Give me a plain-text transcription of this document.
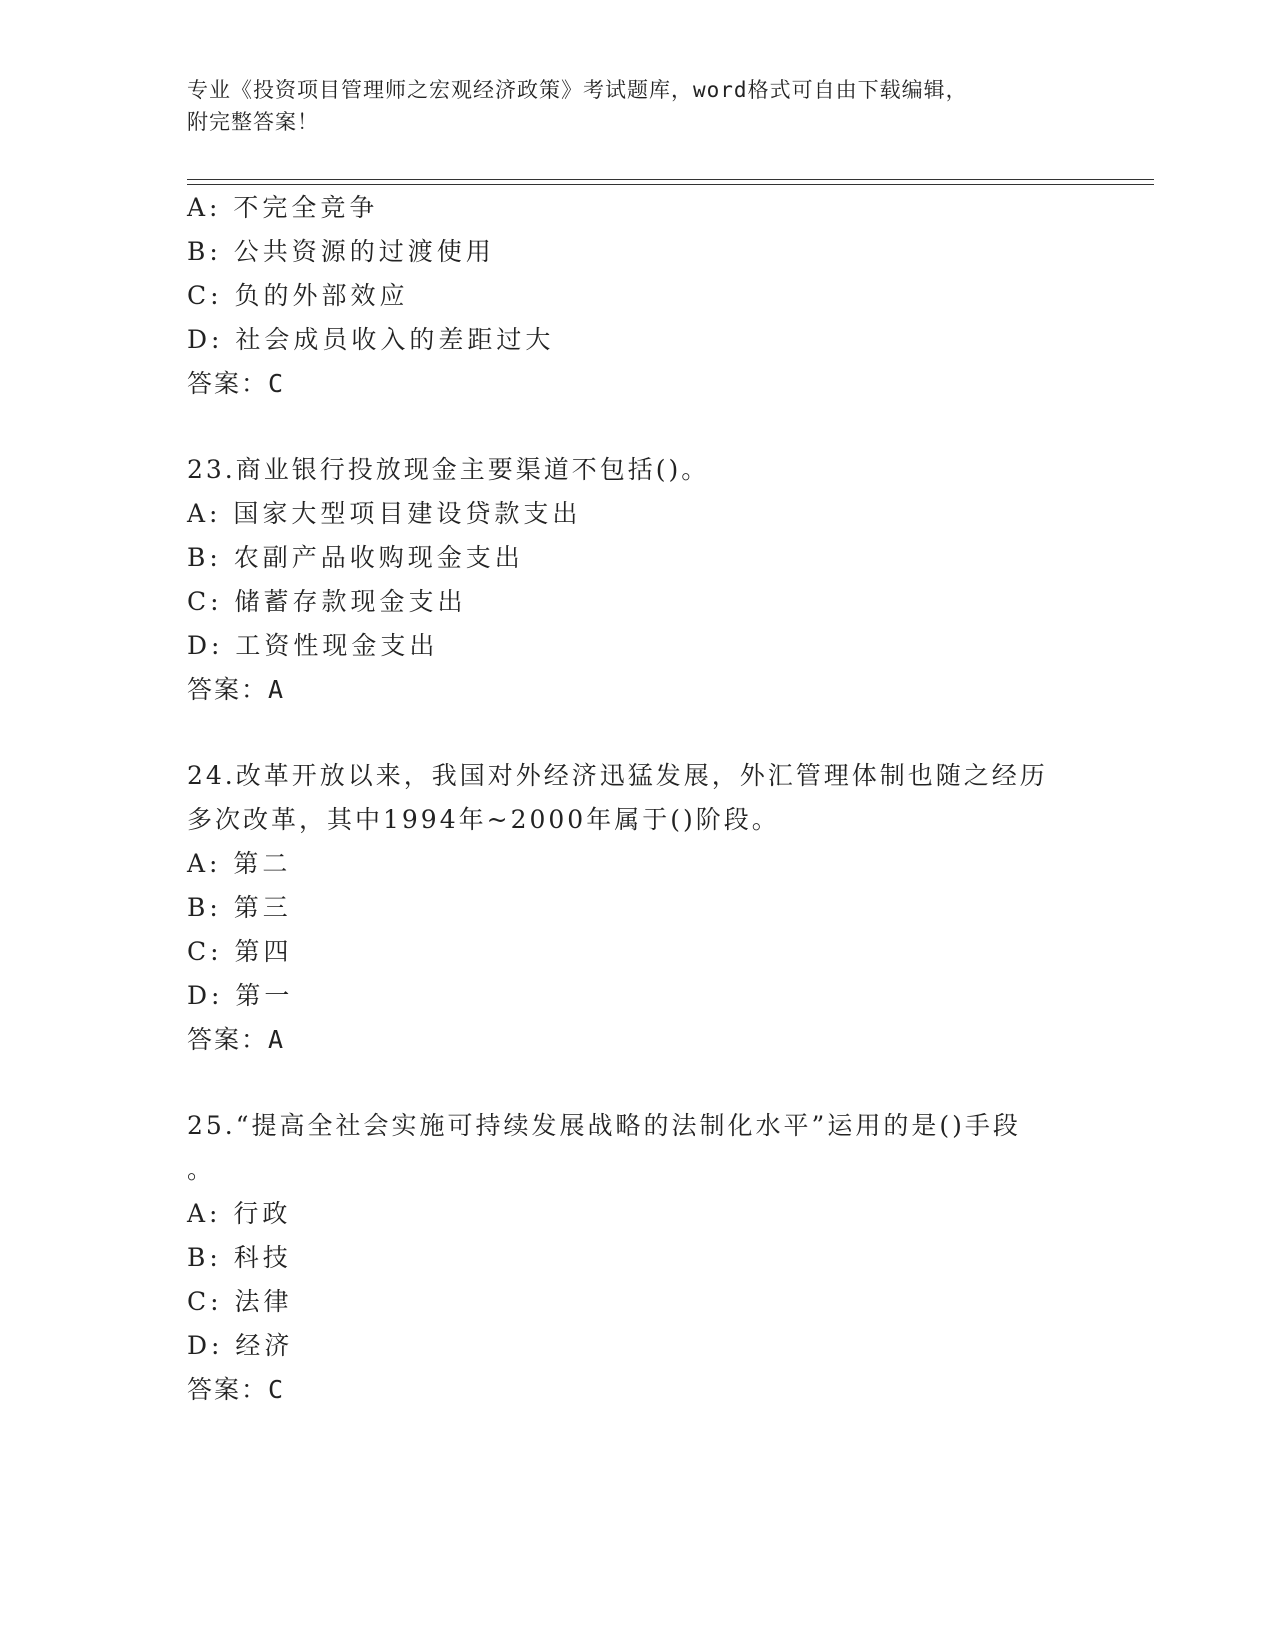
专业《投资项目管理师之宏观经济政策》考试题库，word格式可自由下载编辑，
附完整答案！
A: 不完全竞争
B: 公共资源的过渡使用
C: 负的外部效应
D: 社会成员收入的差距过大
答案：C
23.商业银行投放现金主要渠道不包括()。
A: 国家大型项目建设贷款支出
B: 农副产品收购现金支出
C: 储蓄存款现金支出
D: 工资性现金支出
答案：A
24.改革开放以来，我国对外经济迅猛发展，外汇管理体制也随之经历
多次改革，其中1994年~2000年属于()阶段。
A: 第二
B: 第三
C: 第四
D: 第一
答案：A
25.“提高全社会实施可持续发展战略的法制化水平”运用的是()手段
。
A: 行政
B: 科技
C: 法律
D: 经济
答案：C
